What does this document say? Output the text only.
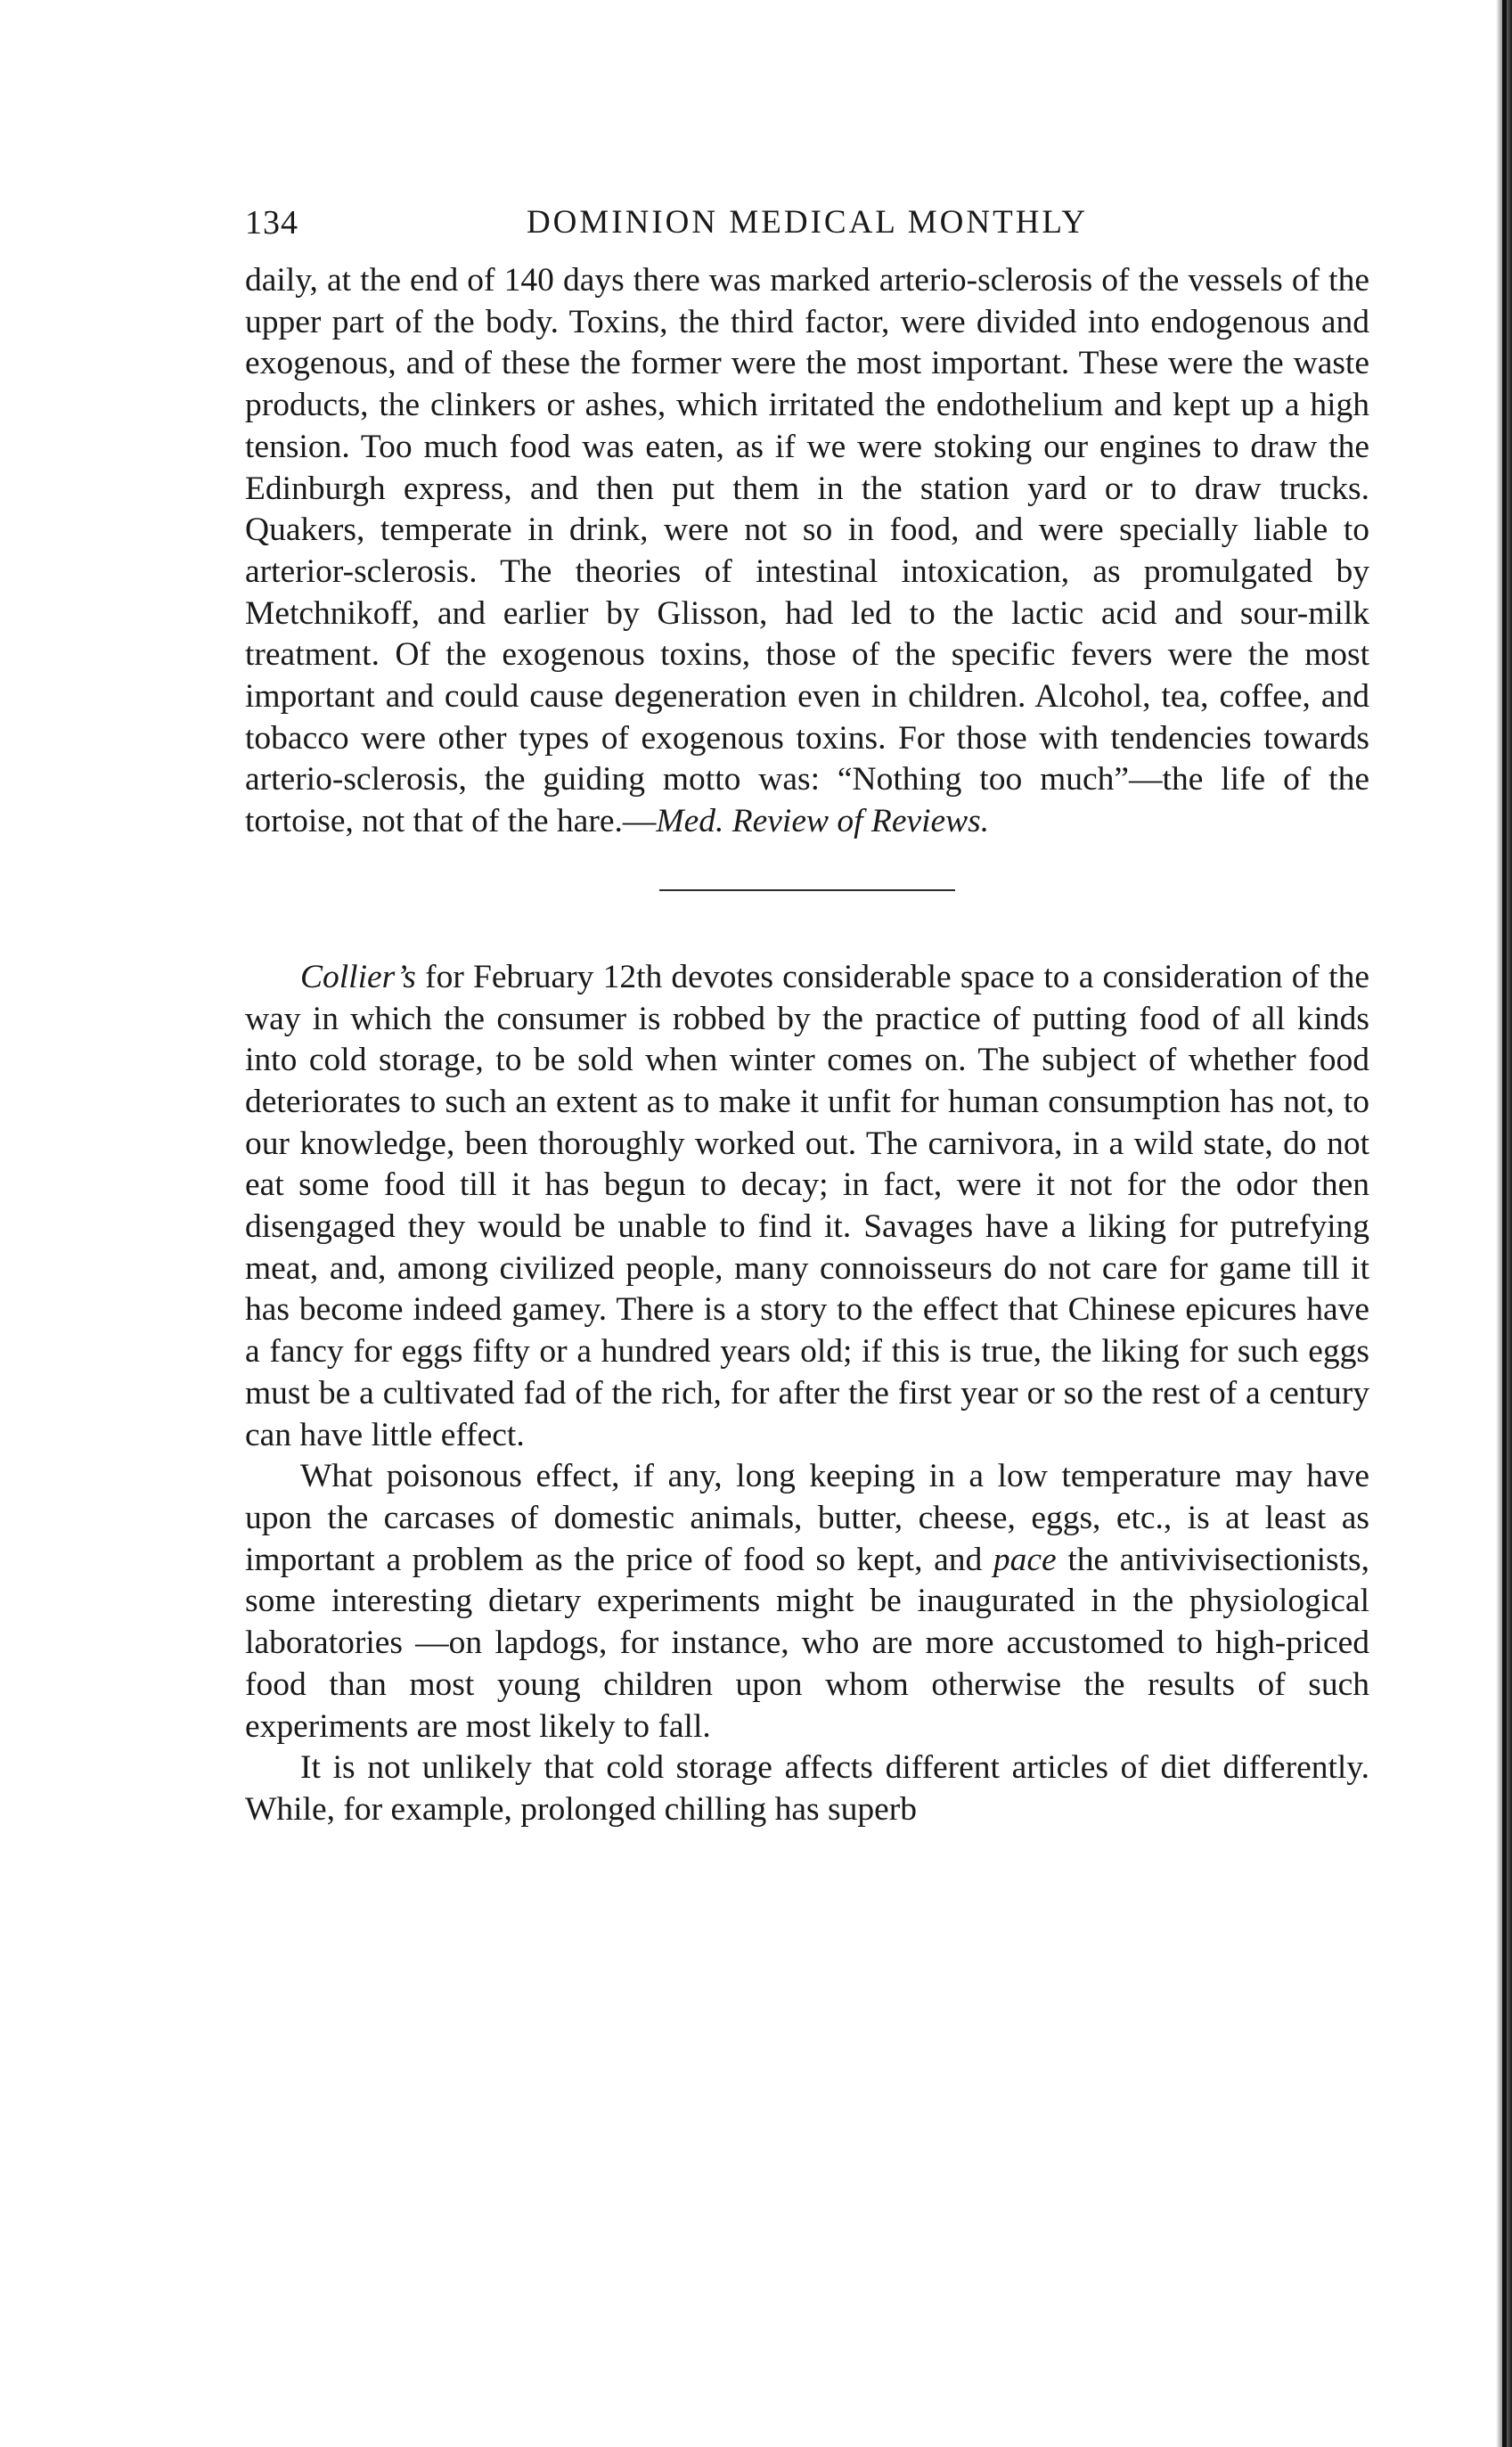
134	DOMINION MEDICAL MONTHLY

daily, at the end of 140 days there was marked arterio-sclerosis of the vessels of the upper part of the body. Toxins, the third factor, were divided into endogenous and exogenous, and of these the former were the most important. These were the waste products, the clinkers or ashes, which irritated the endothelium and kept up a high tension. Too much food was eaten, as if we were stoking our engines to draw the Edinburgh express, and then put them in the station yard or to draw trucks. Quakers, temperate in drink, were not so in food, and were specially liable to arterior-sclerosis. The theories of intestinal intoxication, as promulgated by Metchnikoff, and earlier by Glisson, had led to the lactic acid and sour-milk treatment. Of the exogenous toxins, those of the specific fevers were the most important and could cause degeneration even in children. Alcohol, tea, coffee, and tobacco were other types of exogenous toxins. For those with tendencies towards arterio-sclerosis, the guiding motto was: “Nothing too much”—the life of the tortoise, not that of the hare.—Med. Review of Reviews.

Collier’s for February 12th devotes considerable space to a consideration of the way in which the consumer is robbed by the practice of putting food of all kinds into cold storage, to be sold when winter comes on. The subject of whether food deteriorates to such an extent as to make it unfit for human consumption has not, to our knowledge, been thoroughly worked out. The carnivora, in a wild state, do not eat some food till it has begun to decay; in fact, were it not for the odor then disengaged they would be unable to find it. Savages have a liking for putrefying meat, and, among civilized people, many connoisseurs do not care for game till it has become indeed gamey. There is a story to the effect that Chinese epicures have a fancy for eggs fifty or a hundred years old; if this is true, the liking for such eggs must be a cultivated fad of the rich, for after the first year or so the rest of a century can have little effect.

What poisonous effect, if any, long keeping in a low temperature may have upon the carcases of domestic animals, butter, cheese, eggs, etc., is at least as important a problem as the price of food so kept, and pace the antivivisectionists, some interesting dietary experiments might be inaugurated in the physiological laboratories —on lapdogs, for instance, who are more accustomed to high-priced food than most young children upon whom otherwise the results of such experiments are most likely to fall.

It is not unlikely that cold storage affects different articles of diet differently. While, for example, prolonged chilling has superb
